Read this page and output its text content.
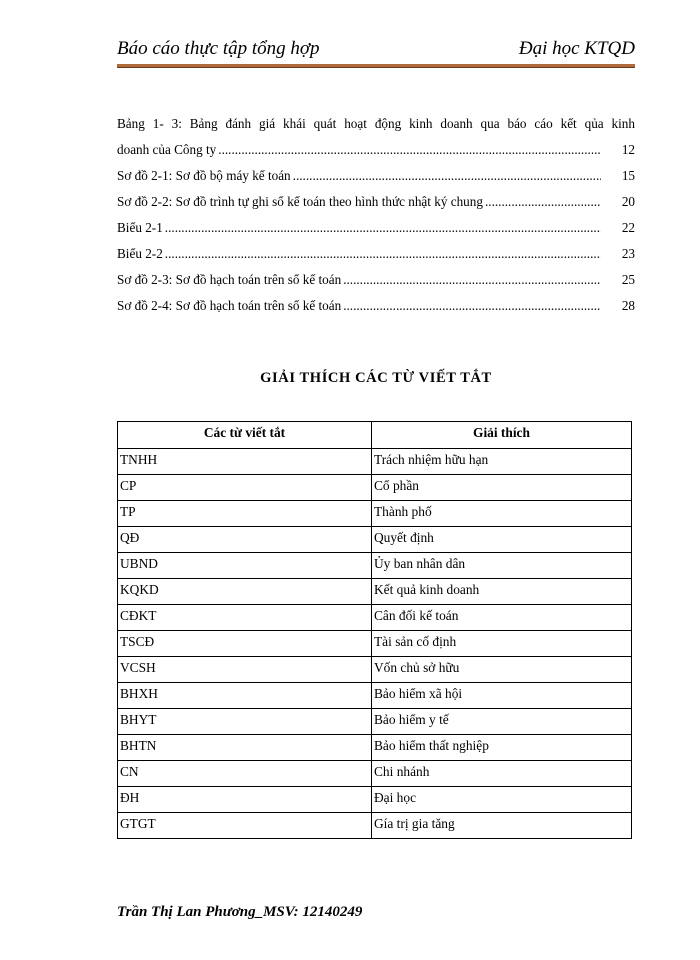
Báo cáo thực tập tổng hợp	Đại học KTQD
Bảng 1- 3: Bảng đánh giá khái quát hoạt động kinh doanh qua báo cáo kết qủa kinh
doanh của Công ty .....	12
Sơ đồ 2-1: Sơ đồ bộ máy kế toán .....	15
Sơ đồ 2-2: Sơ đồ trình tự ghi sổ kế toán theo hình thức nhật ký chung .....	20
Biểu 2-1 .....	22
Biểu 2-2 .....	23
Sơ đồ 2-3: Sơ đồ hạch toán trên sổ kế toán .....	25
Sơ đồ 2-4: Sơ đồ hạch toán trên sổ kế toán .....	28
GIẢI THÍCH CÁC TỪ VIẾT TẮT
Các từ viết tắt	Giải thích
TNHH	Trách nhiệm hữu hạn
CP	Cổ phần
TP	Thành phố
QĐ	Quyết định
UBND	Ủy ban nhân dân
KQKD	Kết quả kinh doanh
CĐKT	Cân đối kế toán
TSCĐ	Tài sản cố định
VCSH	Vốn chủ sở hữu
BHXH	Bảo hiểm xã hội
BHYT	Bảo hiểm y tế
BHTN	Bảo hiểm thất nghiệp
CN	Chi nhánh
ĐH	Đại học
GTGT	Gía trị gia tăng
Trần Thị Lan Phương_MSV: 12140249
